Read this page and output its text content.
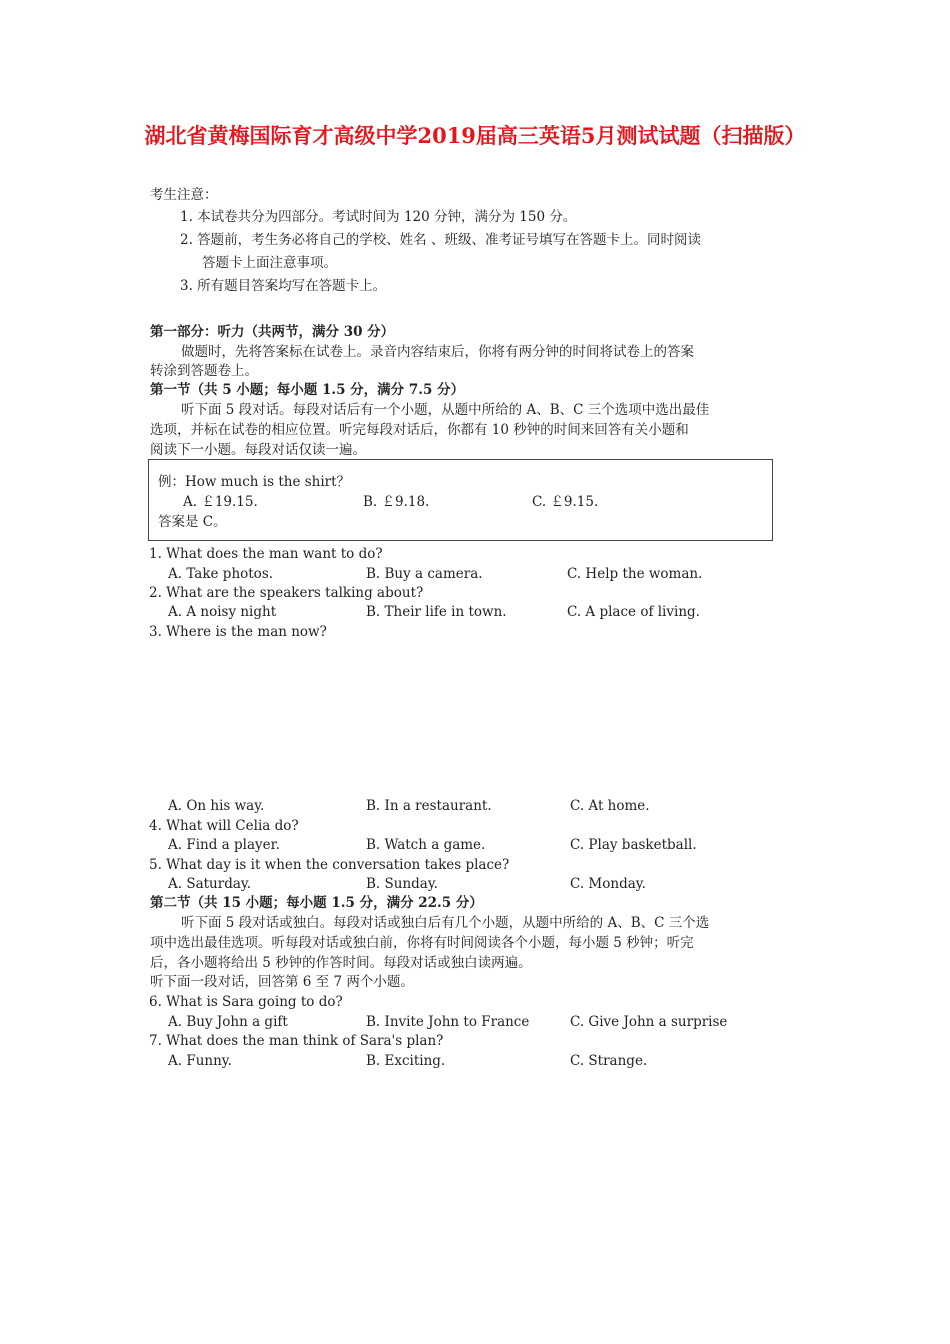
湖北省黄梅国际育才高级中学2019届高三英语5月测试试题（扫描版）
考生注意：
1. 本试卷共分为四部分。考试时间为 120 分钟，满分为 150 分。
2. 答题前，考生务必将自己的学校、姓名 、班级、准考证号填写在答题卡上。同时阅读
答题卡上面注意事项。
3. 所有题目答案均写在答题卡上。
第一部分：听力（共两节，满分 30 分）
做题时，先将答案标在试卷上。录音内容结束后，你将有两分钟的时间将试卷上的答案
转涂到答题卷上。
第一节（共 5 小题；每小题 1.5 分，满分 7.5 分）
听下面 5 段对话。每段对话后有一个小题，从题中所给的 A、B、C 三个选项中选出最佳
选项，并标在试卷的相应位置。听完每段对话后，你都有 10 秒钟的时间来回答有关小题和
阅读下一小题。每段对话仅读一遍。
例：How much is the shirt？
A. ￡19.15.	B. ￡9.18.	C. ￡9.15.
答案是 C。
1. What does the man want to do?
A. Take photos.	B. Buy a camera.	C. Help the woman.
2. What are the speakers talking about?
A. A noisy night	B. Their life in town.	C. A place of living.
3. Where is the man now?
A. On his way.	B. In a restaurant.	C. At home.
4. What will Celia do?
A. Find a player.	B. Watch a game.	C. Play basketball.
5. What day is it when the conversation takes place?
A. Saturday.	B. Sunday.	C. Monday.
第二节（共 15 小题；每小题 1.5 分，满分 22.5 分）
听下面 5 段对话或独白。每段对话或独白后有几个小题，从题中所给的 A、B、C 三个选
项中选出最佳选项。听每段对话或独白前，你将有时间阅读各个小题，每小题 5 秒钟；听完
后，各小题将给出 5 秒钟的作答时间。每段对话或独白读两遍。
听下面一段对话，回答第 6 至 7 两个小题。
6. What is Sara going to do?
A. Buy John a gift	B. Invite John to France	C. Give John a surprise
7. What does the man think of Sara's plan?
A. Funny.	B. Exciting.	C. Strange.
